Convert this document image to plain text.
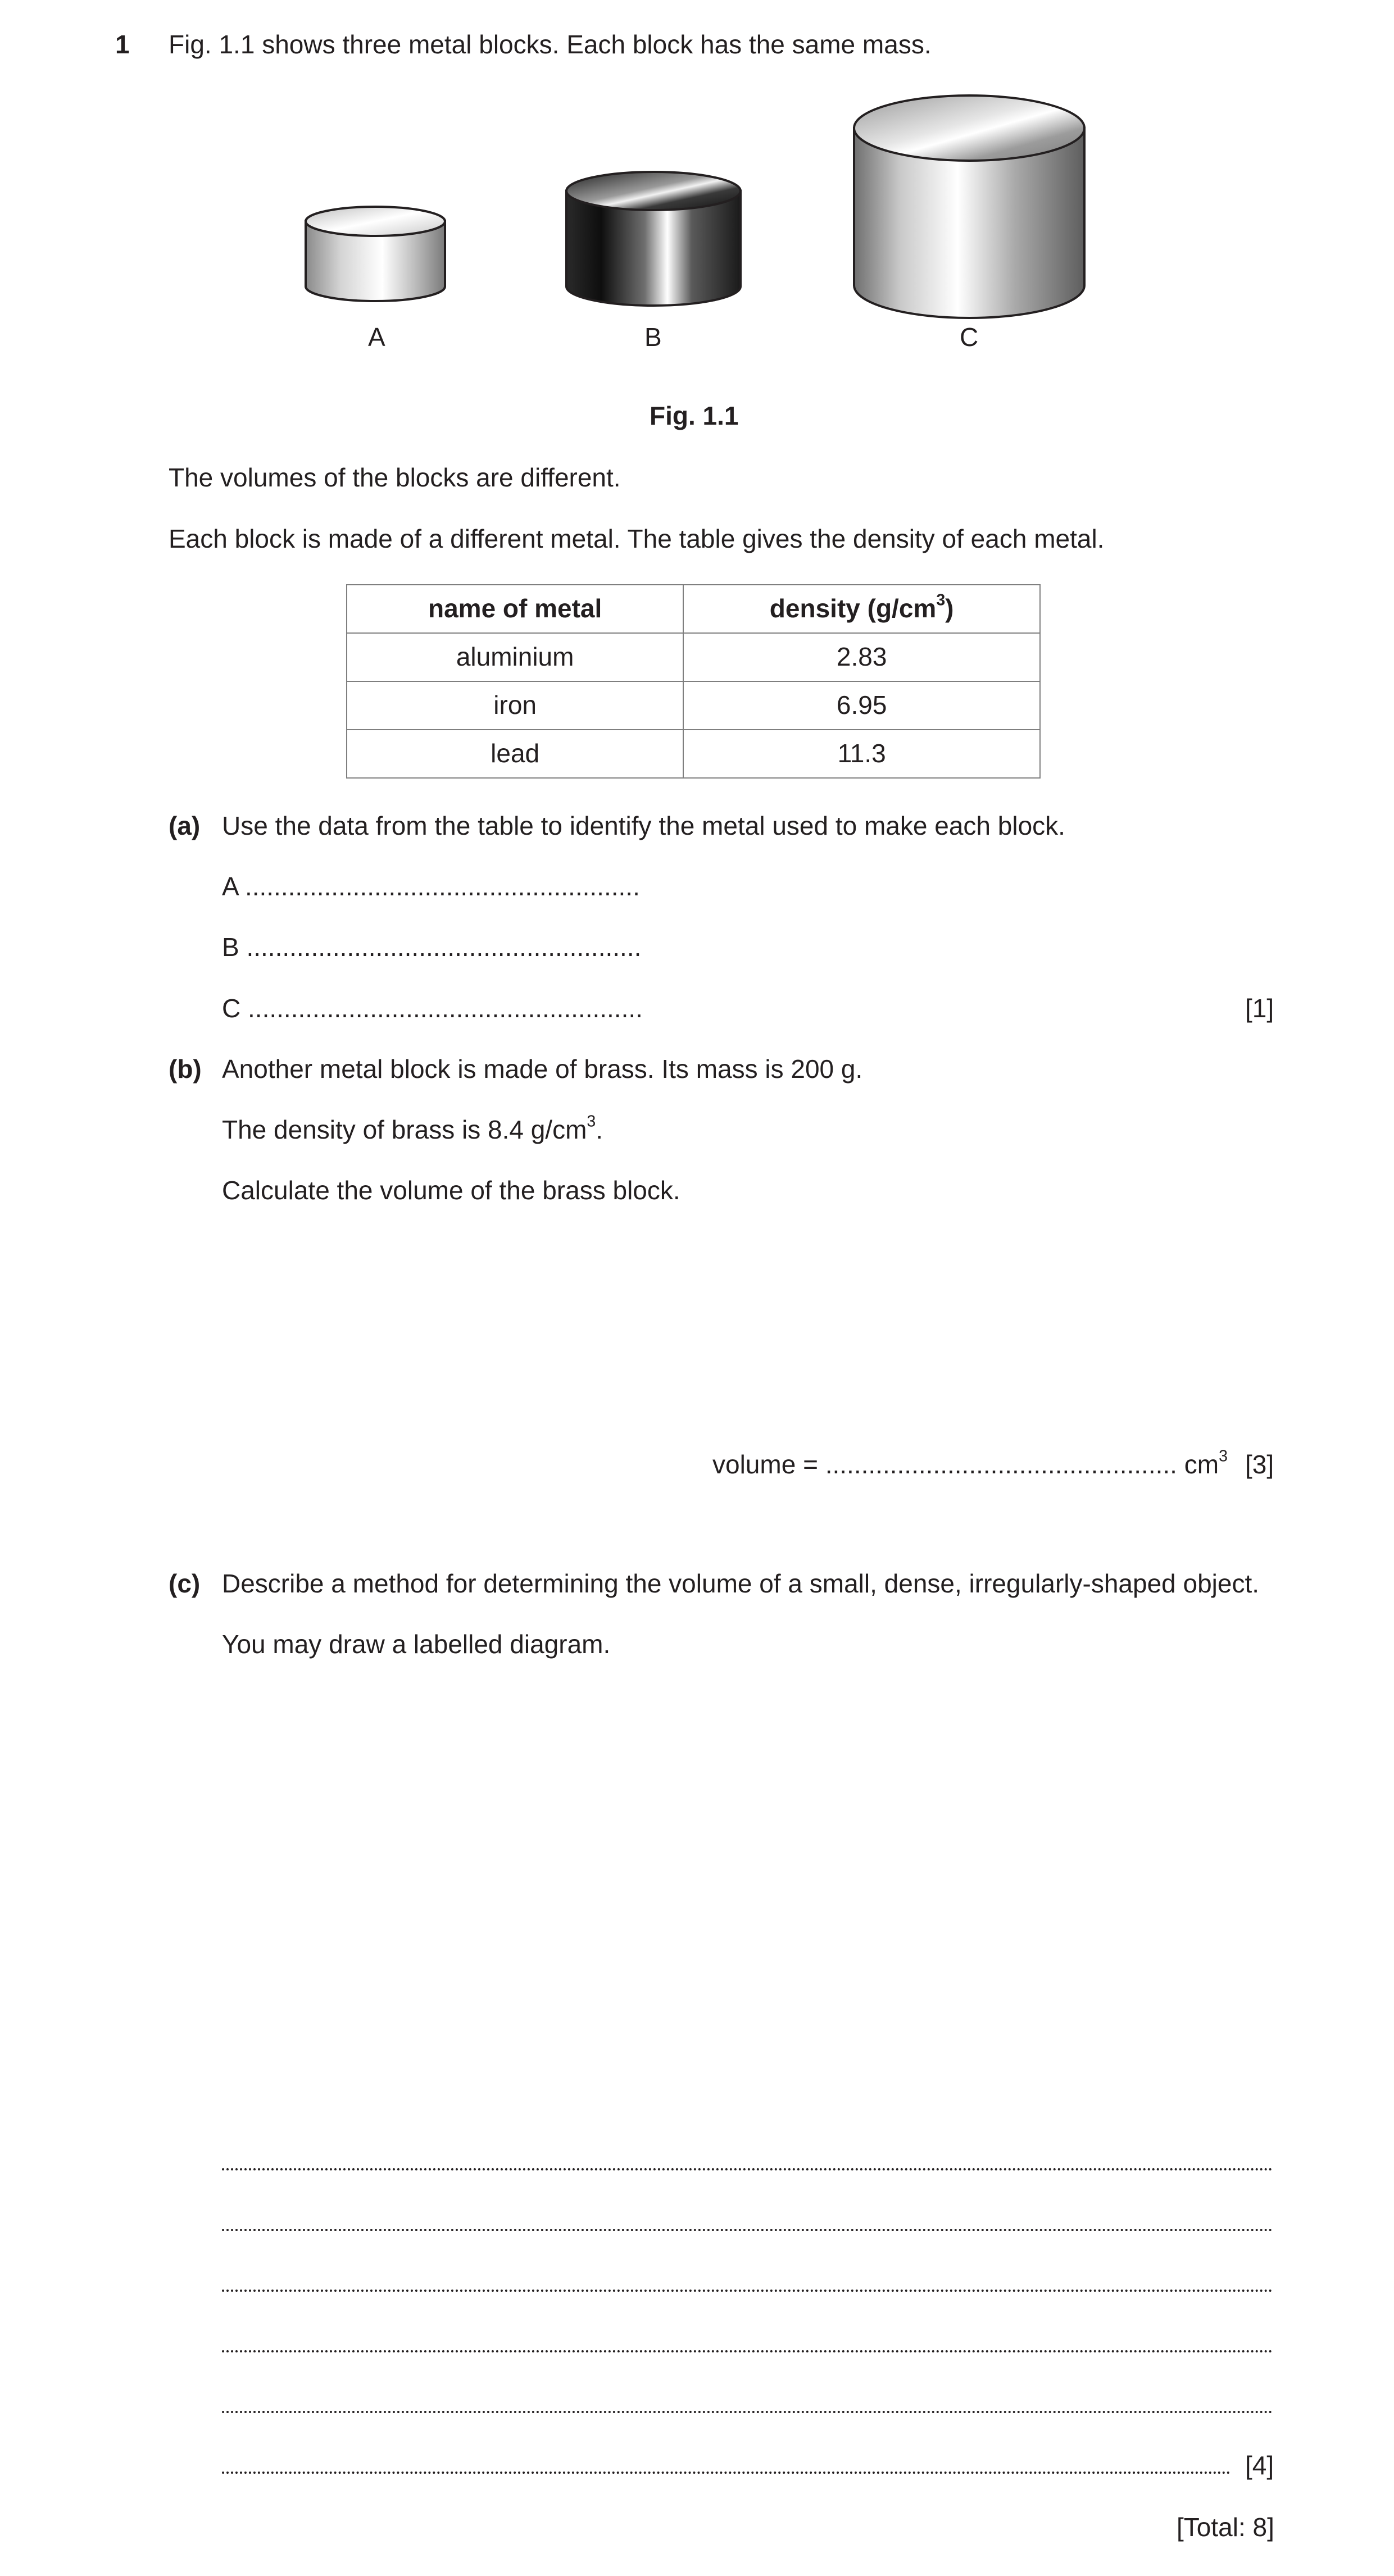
1 Fig. 1.1 shows three metal blocks. Each block has the same mass.
A	B	C
Fig. 1.1
The volumes of the blocks are different.
Each block is made of a different metal. The table gives the density of each metal.
name of metal	density $(g/cm^3)$
aluminium	2.83
iron	6.95
lead	11.3
(a) Use the data from the table to identify the metal used to make each block.
A .......................................................
B .......................................................
C .......................................................	[1]
(b) Another metal block is made of brass. Its mass is 200 g.
The density of brass is 8.4 $g/cm^3$.
Calculate the volume of the brass block.
volume = ................................................. $cm^3$ [3]
(c) Describe a method for determining the volume of a small, dense, irregularly-shaped object.
You may draw a labelled diagram.
[4]
[Total: 8]
